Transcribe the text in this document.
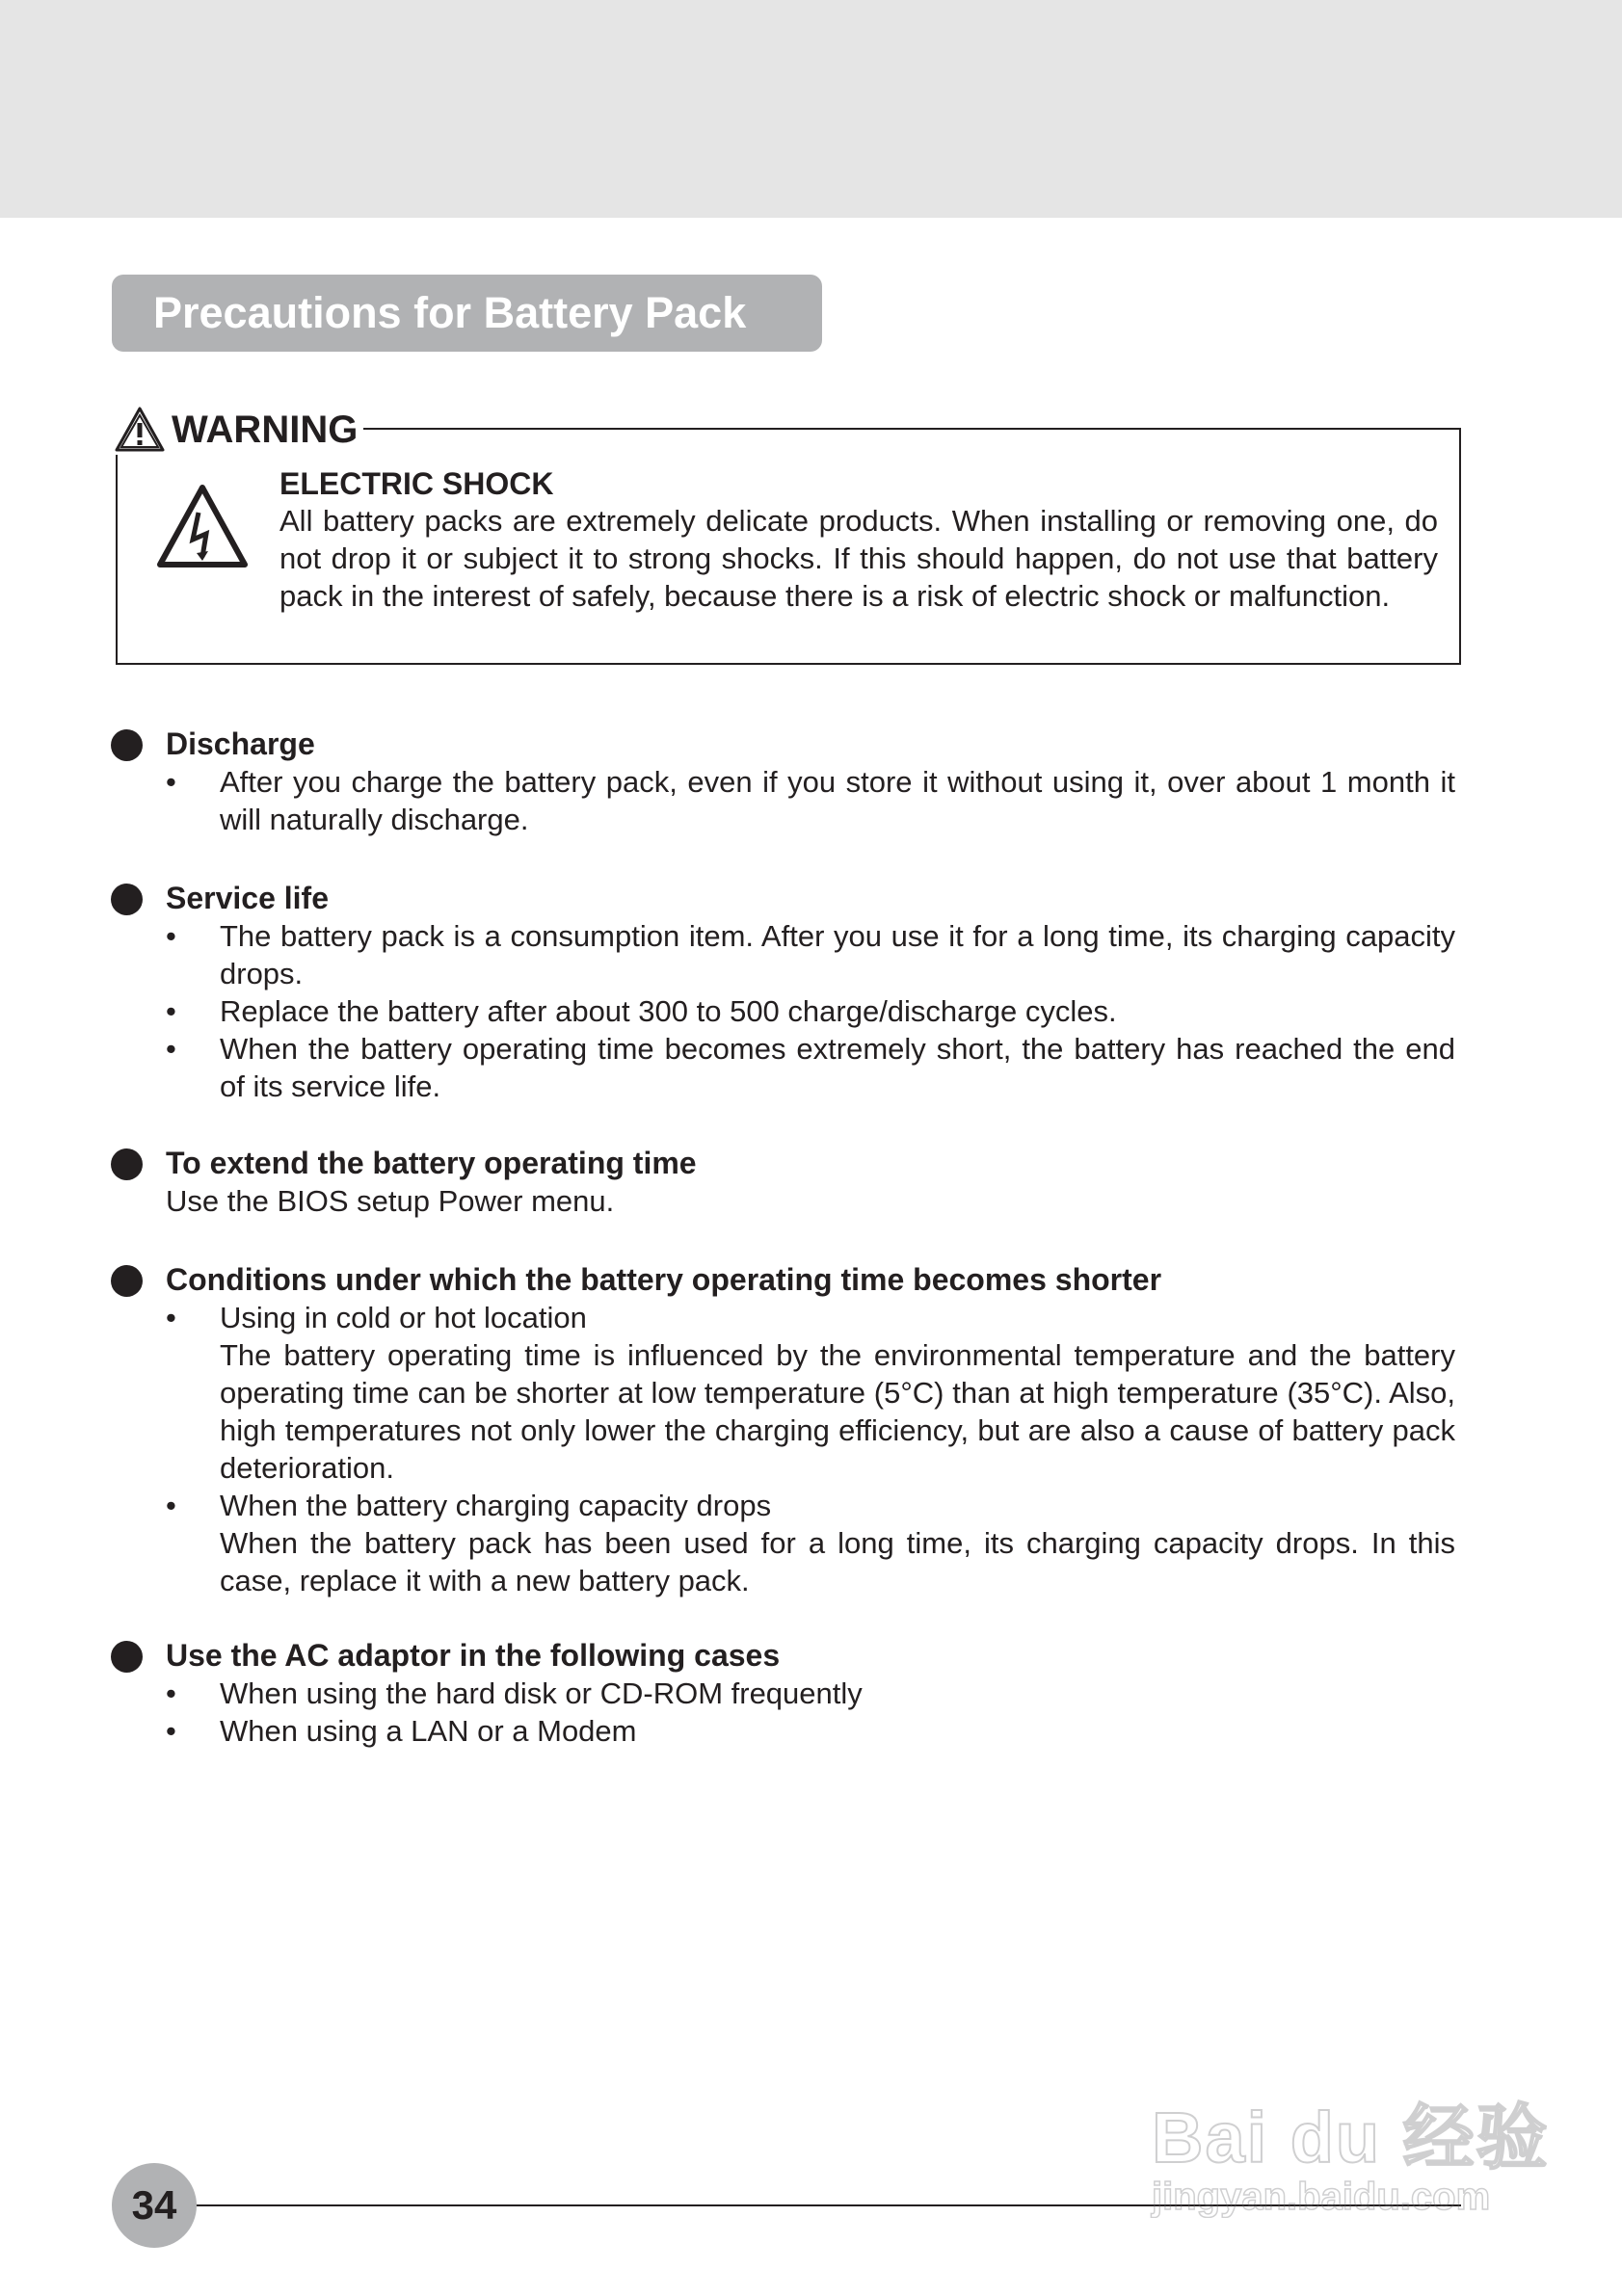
Precautions for Battery Pack
WARNING
ELECTRIC SHOCK
All battery packs are extremely delicate products. When installing or removing one, do not drop it or subject it to strong shocks. If this should happen, do not use that battery pack in the interest of safely, because there is a risk of electric shock or malfunction.
Discharge
• After you charge the battery pack, even if you store it without using it, over about 1 month it will naturally discharge.
Service life
• The battery pack is a consumption item. After you use it for a long time, its charging capacity drops.
• Replace the battery after about 300 to 500 charge/discharge cycles.
• When the battery operating time becomes extremely short, the battery has reached the end of its service life.
To extend the battery operating time
Use the BIOS setup Power menu.
Conditions under which the battery operating time becomes shorter
• Using in cold or hot location
The battery operating time is influenced by the environmental temperature and the battery operating time can be shorter at low temperature (5°C) than at high temperature (35°C). Also, high temperatures not only lower the charging efficiency, but are also a cause of battery pack deterioration.
• When the battery charging capacity drops
When the battery pack has been used for a long time, its charging capacity drops. In this case, replace it with a new battery pack.
Use the AC adaptor in the following cases
• When using the hard disk or CD-ROM frequently
• When using a LAN or a Modem
34
Bai du 经验
jingyan.baidu.com
